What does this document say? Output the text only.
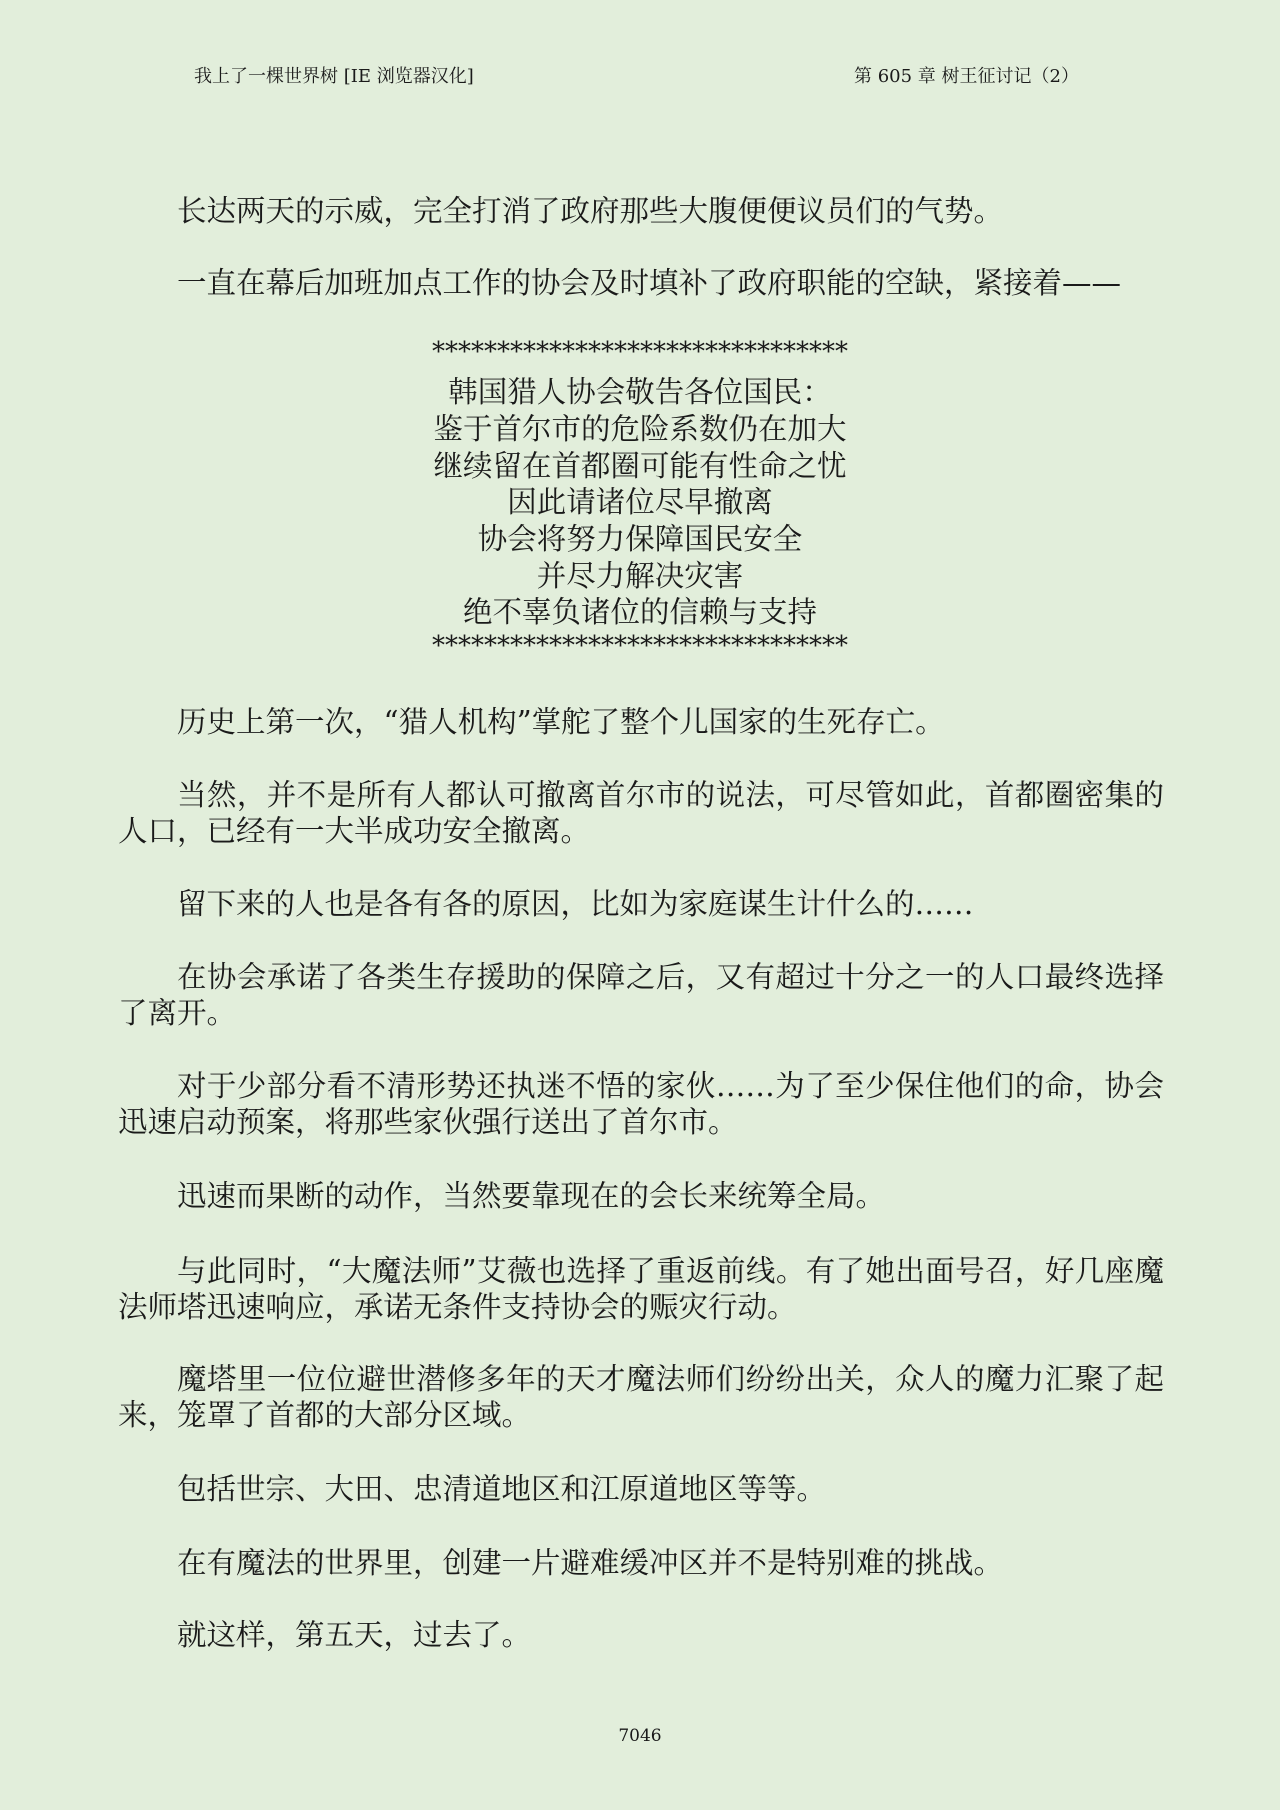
我上了一棵世界树 [IE 浏览器汉化]	第 605 章 树王征讨记（2）

长达两天的示威，完全打消了政府那些大腹便便议员们的气势。

一直在幕后加班加点工作的协会及时填补了政府职能的空缺，紧接着——

********************************
韩国猎人协会敬告各位国民：
鉴于首尔市的危险系数仍在加大
继续留在首都圈可能有性命之忧
因此请诸位尽早撤离
协会将努力保障国民安全
并尽力解决灾害
绝不辜负诸位的信赖与支持
********************************

历史上第一次，“猎人机构”掌舵了整个儿国家的生死存亡。

当然，并不是所有人都认可撤离首尔市的说法，可尽管如此，首都圈密集的人口，已经有一大半成功安全撤离。

留下来的人也是各有各的原因，比如为家庭谋生计什么的……

在协会承诺了各类生存援助的保障之后，又有超过十分之一的人口最终选择了离开。

对于少部分看不清形势还执迷不悟的家伙……为了至少保住他们的命，协会迅速启动预案，将那些家伙强行送出了首尔市。

迅速而果断的动作，当然要靠现在的会长来统筹全局。

与此同时，“大魔法师”艾薇也选择了重返前线。有了她出面号召，好几座魔法师塔迅速响应，承诺无条件支持协会的赈灾行动。

魔塔里一位位避世潜修多年的天才魔法师们纷纷出关，众人的魔力汇聚了起来，笼罩了首都的大部分区域。

包括世宗、大田、忠清道地区和江原道地区等等。

在有魔法的世界里，创建一片避难缓冲区并不是特别难的挑战。

就这样，第五天，过去了。

7046
